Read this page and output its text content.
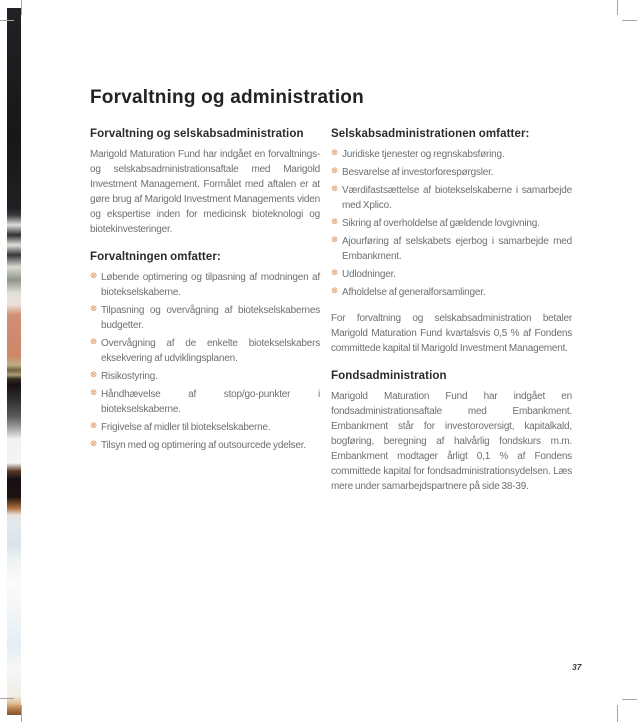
Forvaltning og administration
Forvaltning og selskabsadministration

Marigold Maturation Fund har indgået en forvaltnings- og selskabsadministrationsaftale med Marigold Investment Management. Formålet med aftalen er at gøre brug af Marigold Investment Managements viden og ekspertise inden for medicinsk bioteknologi og biotekinvesteringer.

Forvaltningen omfatter:
⊗ Løbende optimering og tilpasning af modningen af biotekselskaberne.
⊗ Tilpasning og overvågning af biotekselskabernes budgetter.
⊗ Overvågning af de enkelte biotekselskabers eksekvering af udviklingsplanen.
⊗ Risikostyring.
⊗ Håndhævelse af stop/go-punkter i biotekselskaberne.
⊗ Frigivelse af midler til biotekselskaberne.
⊗ Tilsyn med og optimering af outsourcede ydelser.
Selskabsadministrationen omfatter:
⊗ Juridiske tjenester og regnskabsføring.
⊗ Besvarelse af investorforespørgsler.
⊗ Værdifastsættelse af biotekselskaberne i samarbejde med Xplico.
⊗ Sikring af overholdelse af gældende lovgivning.
⊗ Ajourføring af selskabets ejerbog i samarbejde med Embankment.
⊗ Udlodninger.
⊗ Afholdelse af generalforsamlinger.

For forvaltning og selskabsadministration betaler Marigold Maturation Fund kvartalsvis 0,5 % af Fondens committede kapital til Marigold Investment Management.

Fondsadministration

Marigold Maturation Fund har indgået en fondsadministrationsaftale med Embankment. Embankment står for investoroversigt, kapitalkald, bogføring, beregning af halvårlig fondskurs m.m. Embankment modtager årligt 0,1 % af Fondens committede kapital for fondsadministrationsydelsen. Læs mere under samarbejdspartnere på side 38-39.

37
